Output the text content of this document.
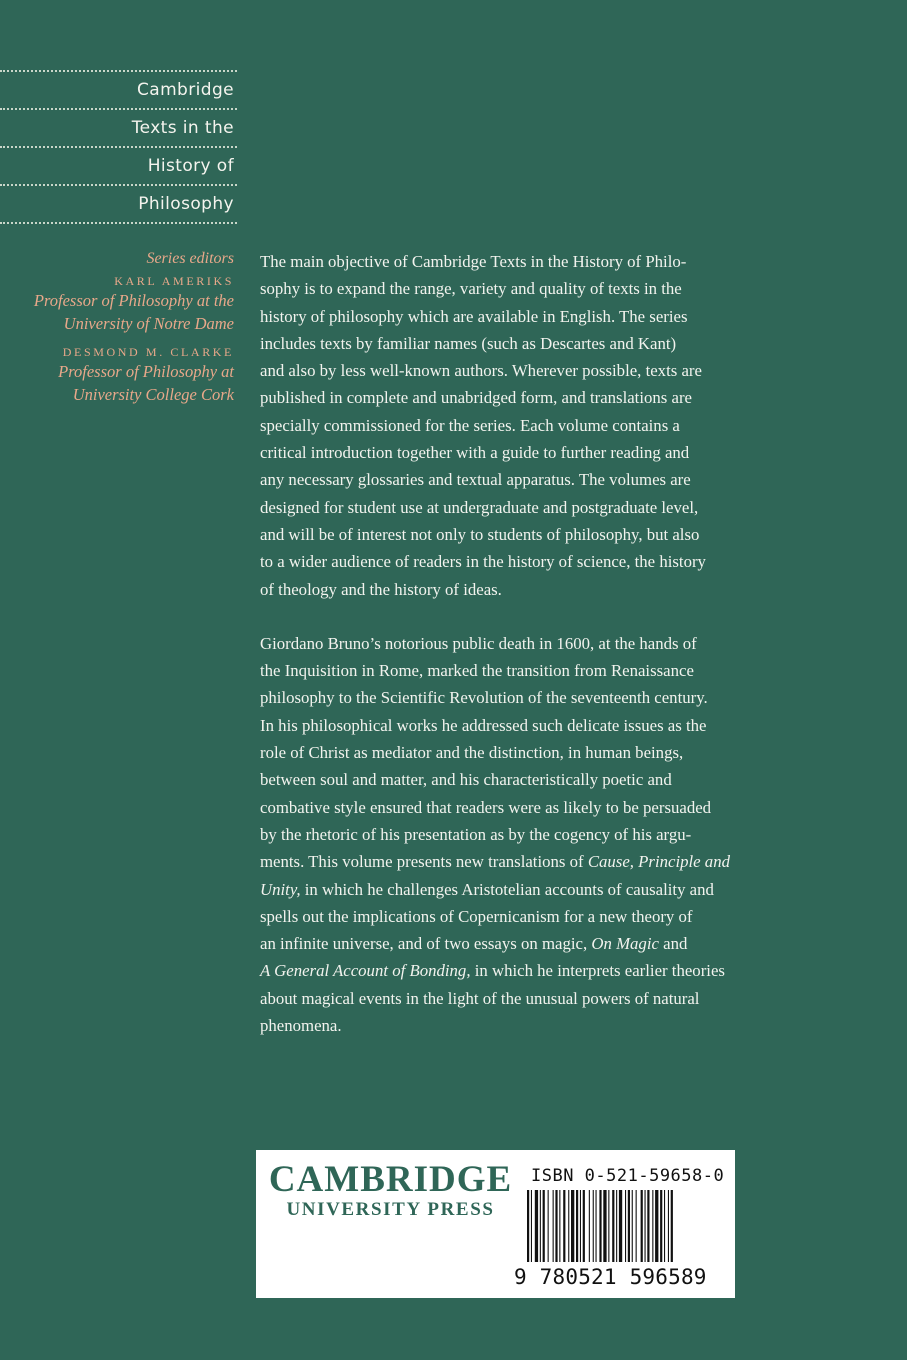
Cambridge
Texts in the
History of
Philosophy
Series editors
KARL AMERIKS
Professor of Philosophy at the
University of Notre Dame
DESMOND M. CLARKE
Professor of Philosophy at
University College Cork

The main objective of Cambridge Texts in the History of Philo-
sophy is to expand the range, variety and quality of texts in the
history of philosophy which are available in English. The series
includes texts by familiar names (such as Descartes and Kant)
and also by less well-known authors. Wherever possible, texts are
published in complete and unabridged form, and translations are
specially commissioned for the series. Each volume contains a
critical introduction together with a guide to further reading and
any necessary glossaries and textual apparatus. The volumes are
designed for student use at undergraduate and postgraduate level,
and will be of interest not only to students of philosophy, but also
to a wider audience of readers in the history of science, the history
of theology and the history of ideas.

Giordano Bruno’s notorious public death in 1600, at the hands of
the Inquisition in Rome, marked the transition from Renaissance
philosophy to the Scientific Revolution of the seventeenth century.
In his philosophical works he addressed such delicate issues as the
role of Christ as mediator and the distinction, in human beings,
between soul and matter, and his characteristically poetic and
combative style ensured that readers were as likely to be persuaded
by the rhetoric of his presentation as by the cogency of his argu-
ments. This volume presents new translations of Cause, Principle and
Unity, in which he challenges Aristotelian accounts of causality and
spells out the implications of Copernicanism for a new theory of
an infinite universe, and of two essays on magic, On Magic and
A General Account of Bonding, in which he interprets earlier theories
about magical events in the light of the unusual powers of natural
phenomena.

CAMBRIDGE
UNIVERSITY PRESS
ISBN 0-521-59658-0
9 780521 596589
